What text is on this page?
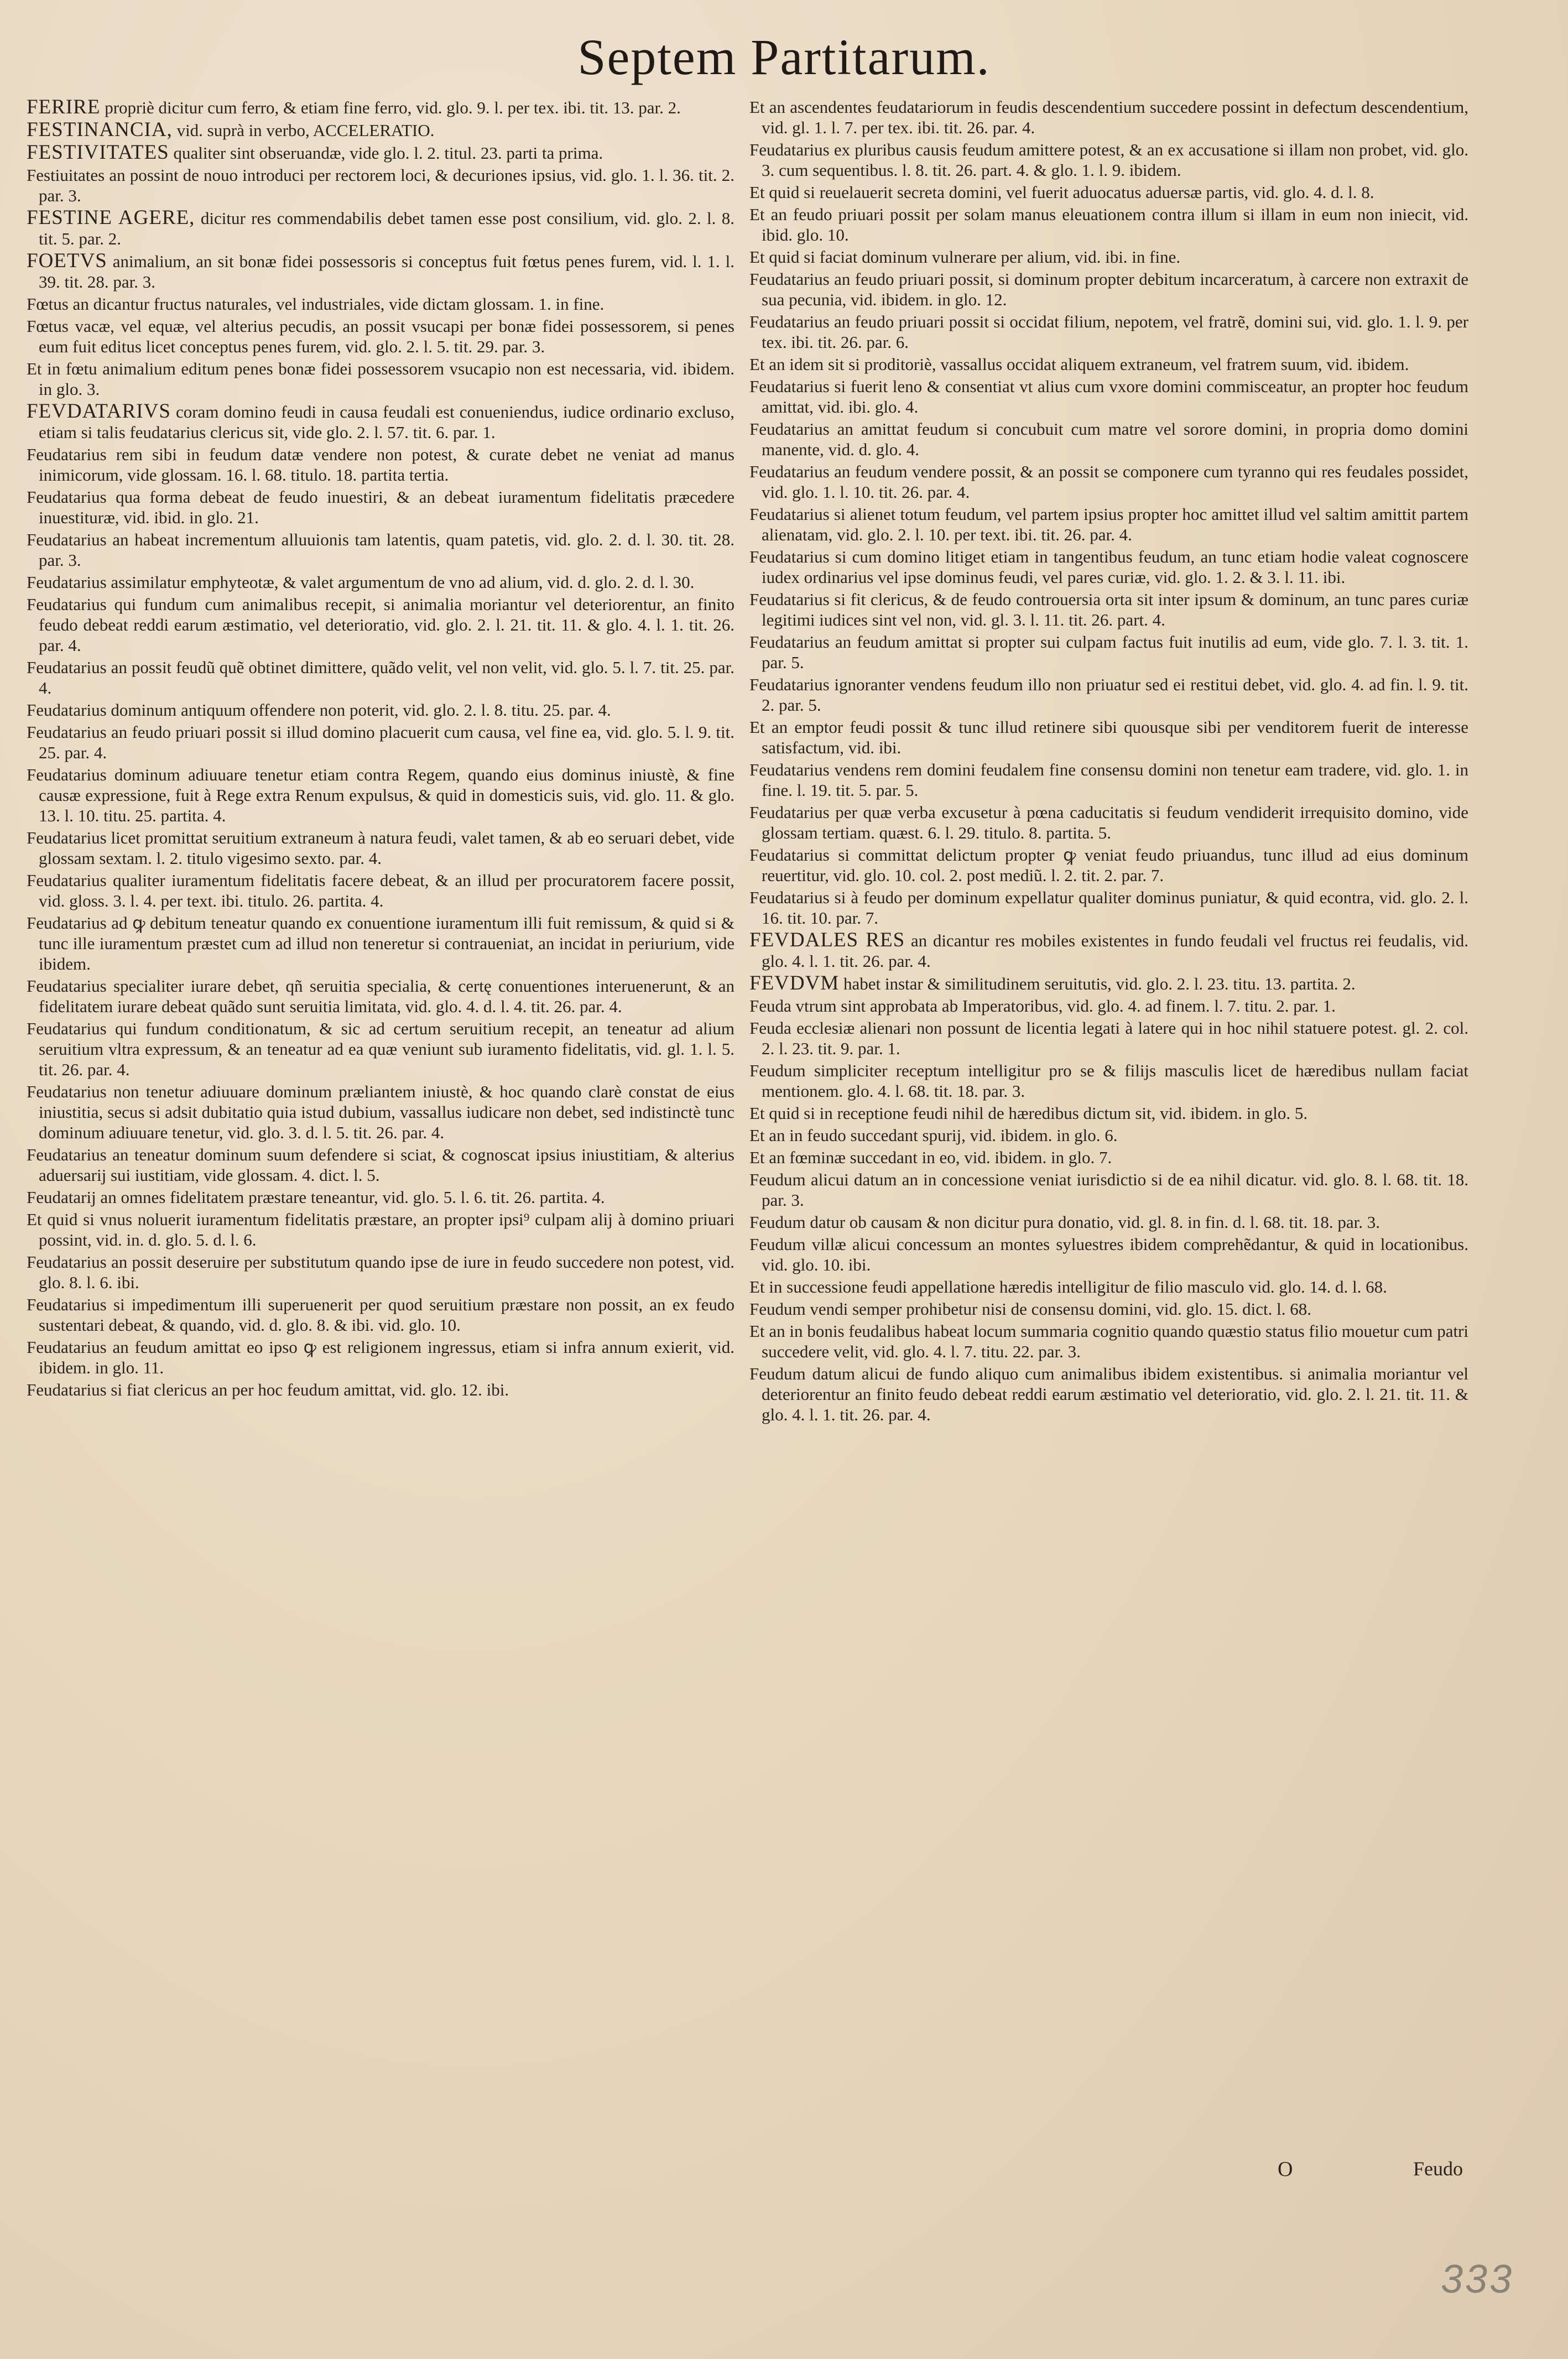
Septem Partitarum.

FERIRE propriè dicitur cum ferro, & etiam fine ferro, vid. glo. 9. l. per tex. ibi. tit. 13. par. 2.

FESTINANCIA, vid. suprà in verbo, ACCELERATIO.

FESTIVITATES qualiter sint obseruandæ, vide glo. l. 2. titul. 23. parti ta prima.

Festiuitates an possint de nouo introduci per rectorem loci, & decuriones ipsius, vid. glo. 1. l. 36. tit. 2. par. 3.

FESTINE AGERE, dicitur res commendabilis debet tamen esse post consilium, vid. glo. 2. l. 8. tit. 5. par. 2.

FOETVS animalium, an sit bonæ fidei possessoris si conceptus fuit fœtus penes furem, vid. l. 1. l. 39. tit. 28. par. 3.

Fœtus an dicantur fructus naturales, vel industriales, vide dictam glossam. 1. in fine.

Fœtus vacæ, vel equæ, vel alterius pecudis, an possit vsucapi per bonæ fidei possessorem, si penes eum fuit editus licet conceptus penes furem, vid. glo. 2. l. 5. tit. 29. par. 3.

Et in fœtu animalium editum penes bonæ fidei possessorem vsucapio non est necessaria, vid. ibidem. in glo. 3.

FEVDATARIVS coram domino feudi in causa feudali est conueniendus, iudice ordinario excluso, etiam si talis feudatarius clericus sit, vide glo. 2. l. 57. tit. 6. par. 1.

Feudatarius rem sibi in feudum datæ vendere non potest, & curate debet ne veniat ad manus inimicorum, vide glossam. 16. l. 68. titulo. 18. partita tertia.

Feudatarius qua forma debeat de feudo inuestiri, & an debeat iuramentum fidelitatis præcedere inuestituræ, vid. ibid. in glo. 21.

Feudatarius an habeat incrementum alluuionis tam latentis, quam patetis, vid. glo. 2. d. l. 30. tit. 28. par. 3.

Feudatarius assimilatur emphyteotæ, & valet argumentum de vno ad alium, vid. d. glo. 2. d. l. 30.

Feudatarius qui fundum cum animalibus recepit, si animalia moriantur vel deteriorentur, an finito feudo debeat reddi earum æstimatio, vel deterioratio, vid. glo. 2. l. 21. tit. 11. & glo. 4. l. 1. tit. 26. par. 4.

Feudatarius an possit feudũ quẽ obtinet dimittere, quãdo velit, vel non velit, vid. glo. 5. l. 7. tit. 25. par. 4.

Feudatarius dominum antiquum offendere non poterit, vid. glo. 2. l. 8. titu. 25. par. 4.

Feudatarius an feudo priuari possit si illud domino placuerit cum causa, vel fine ea, vid. glo. 5. l. 9. tit. 25. par. 4.

Feudatarius dominum adiuuare tenetur etiam contra Regem, quando eius dominus iniustè, & fine causæ expressione, fuit à Rege extra Renum expulsus, & quid in domesticis suis, vid. glo. 11. & glo. 13. l. 10. titu. 25. partita. 4.

Feudatarius licet promittat seruitium extraneum à natura feudi, valet tamen, & ab eo seruari debet, vide glossam sextam. l. 2. titulo vigesimo sexto. par. 4.

Feudatarius qualiter iuramentum fidelitatis facere debeat, & an illud per procuratorem facere possit, vid. gloss. 3. l. 4. per text. ibi. titulo. 26. partita. 4.

Feudatarius ad ꝙ debitum teneatur quando ex conuentione iuramentum illi fuit remissum, & quid si & tunc ille iuramentum præstet cum ad illud non teneretur si contraueniat, an incidat in periurium, vide ibidem.

Feudatarius specialiter iurare debet, qñ seruitia specialia, & certę conuentiones interuenerunt, & an fidelitatem iurare debeat quãdo sunt seruitia limitata, vid. glo. 4. d. l. 4. tit. 26. par. 4.

Feudatarius qui fundum conditionatum, & sic ad certum seruitium recepit, an teneatur ad alium seruitium vltra expressum, & an teneatur ad ea quæ veniunt sub iuramento fidelitatis, vid. gl. 1. l. 5. tit. 26. par. 4.

Feudatarius non tenetur adiuuare dominum præliantem iniustè, & hoc quando clarè constat de eius iniustitia, secus si adsit dubitatio quia istud dubium, vassallus iudicare non debet, sed indistinctè tunc dominum adiuuare tenetur, vid. glo. 3. d. l. 5. tit. 26. par. 4.

Feudatarius an teneatur dominum suum defendere si sciat, & cognoscat ipsius iniustitiam, & alterius aduersarij sui iustitiam, vide glossam. 4. dict. l. 5.

Feudatarij an omnes fidelitatem præstare teneantur, vid. glo. 5. l. 6. tit. 26. partita. 4.

Et quid si vnus noluerit iuramentum fidelitatis præstare, an propter ipsi⁹ culpam alij à domino priuari possint, vid. in. d. glo. 5. d. l. 6.

Feudatarius an possit deseruire per substitutum quando ipse de iure in feudo succedere non potest, vid. glo. 8. l. 6. ibi.

Feudatarius si impedimentum illi superuenerit per quod seruitium præstare non possit, an ex feudo sustentari debeat, & quando, vid. d. glo. 8. & ibi. vid. glo. 10.

Feudatarius an feudum amittat eo ipso ꝙ est religionem ingressus, etiam si infra annum exierit, vid. ibidem. in glo. 11.

Feudatarius si fiat clericus an per hoc feudum amittat, vid. glo. 12. ibi.

Et an ascendentes feudatariorum in feudis descendentium succedere possint in defectum descendentium, vid. gl. 1. l. 7. per tex. ibi. tit. 26. par. 4.

Feudatarius ex pluribus causis feudum amittere potest, & an ex accusatione si illam non probet, vid. glo. 3. cum sequentibus. l. 8. tit. 26. part. 4. & glo. 1. l. 9. ibidem.

Et quid si reuelauerit secreta domini, vel fuerit aduocatus aduersæ partis, vid. glo. 4. d. l. 8.

Et an feudo priuari possit per solam manus eleuationem contra illum si illam in eum non iniecit, vid. ibid. glo. 10.

Et quid si faciat dominum vulnerare per alium, vid. ibi. in fine.

Feudatarius an feudo priuari possit, si dominum propter debitum incarceratum, à carcere non extraxit de sua pecunia, vid. ibidem. in glo. 12.

Feudatarius an feudo priuari possit si occidat filium, nepotem, vel fratrẽ, domini sui, vid. glo. 1. l. 9. per tex. ibi. tit. 26. par. 6.

Et an idem sit si proditoriè, vassallus occidat aliquem extraneum, vel fratrem suum, vid. ibidem.

Feudatarius si fuerit leno & consentiat vt alius cum vxore domini commisceatur, an propter hoc feudum amittat, vid. ibi. glo. 4.

Feudatarius an amittat feudum si concubuit cum matre vel sorore domini, in propria domo domini manente, vid. d. glo. 4.

Feudatarius an feudum vendere possit, & an possit se componere cum tyranno qui res feudales possidet, vid. glo. 1. l. 10. tit. 26. par. 4.

Feudatarius si alienet totum feudum, vel partem ipsius propter hoc amittet illud vel saltim amittit partem alienatam, vid. glo. 2. l. 10. per text. ibi. tit. 26. par. 4.

Feudatarius si cum domino litiget etiam in tangentibus feudum, an tunc etiam hodie valeat cognoscere iudex ordinarius vel ipse dominus feudi, vel pares curiæ, vid. glo. 1. 2. & 3. l. 11. ibi.

Feudatarius si fit clericus, & de feudo controuersia orta sit inter ipsum & dominum, an tunc pares curiæ legitimi iudices sint vel non, vid. gl. 3. l. 11. tit. 26. part. 4.

Feudatarius an feudum amittat si propter sui culpam factus fuit inutilis ad eum, vide glo. 7. l. 3. tit. 1. par. 5.

Feudatarius ignoranter vendens feudum illo non priuatur sed ei restitui debet, vid. glo. 4. ad fin. l. 9. tit. 2. par. 5.

Et an emptor feudi possit & tunc illud retinere sibi quousque sibi per venditorem fuerit de interesse satisfactum, vid. ibi.

Feudatarius vendens rem domini feudalem fine consensu domini non tenetur eam tradere, vid. glo. 1. in fine. l. 19. tit. 5. par. 5.

Feudatarius per quæ verba excusetur à pœna caducitatis si feudum vendiderit irrequisito domino, vide glossam tertiam. quæst. 6. l. 29. titulo. 8. partita. 5.

Feudatarius si committat delictum propter ꝙ veniat feudo priuandus, tunc illud ad eius dominum reuertitur, vid. glo. 10. col. 2. post mediũ. l. 2. tit. 2. par. 7.

Feudatarius si à feudo per dominum expellatur qualiter dominus puniatur, & quid econtra, vid. glo. 2. l. 16. tit. 10. par. 7.

FEVDALES RES an dicantur res mobiles existentes in fundo feudali vel fructus rei feudalis, vid. glo. 4. l. 1. tit. 26. par. 4.

FEVDVM habet instar & similitudinem seruitutis, vid. glo. 2. l. 23. titu. 13. partita. 2.

Feuda vtrum sint approbata ab Imperatoribus, vid. glo. 4. ad finem. l. 7. titu. 2. par. 1.

Feuda ecclesiæ alienari non possunt de licentia legati à latere qui in hoc nihil statuere potest. gl. 2. col. 2. l. 23. tit. 9. par. 1.

Feudum simpliciter receptum intelligitur pro se & filijs masculis licet de hæredibus nullam faciat mentionem. glo. 4. l. 68. tit. 18. par. 3.

Et quid si in receptione feudi nihil de hæredibus dictum sit, vid. ibidem. in glo. 5.

Et an in feudo succedant spurij, vid. ibidem. in glo. 6.

Et an fœminæ succedant in eo, vid. ibidem. in glo. 7.

Feudum alicui datum an in concessione veniat iurisdictio si de ea nihil dicatur. vid. glo. 8. l. 68. tit. 18. par. 3.

Feudum datur ob causam & non dicitur pura donatio, vid. gl. 8. in fin. d. l. 68. tit. 18. par. 3.

Feudum villæ alicui concessum an montes syluestres ibidem comprehẽdantur, & quid in locationibus. vid. glo. 10. ibi.

Et in successione feudi appellatione hæredis intelligitur de filio masculo vid. glo. 14. d. l. 68.

Feudum vendi semper prohibetur nisi de consensu domini, vid. glo. 15. dict. l. 68.

Et an in bonis feudalibus habeat locum summaria cognitio quando quæstio status filio mouetur cum patri succedere velit, vid. glo. 4. l. 7. titu. 22. par. 3.

Feudum datum alicui de fundo aliquo cum animalibus ibidem existentibus. si animalia moriantur vel deteriorentur an finito feudo debeat reddi earum æstimatio vel deterioratio, vid. glo. 2. l. 21. tit. 11. & glo. 4. l. 1. tit. 26. par. 4.

O	Feudo
333
